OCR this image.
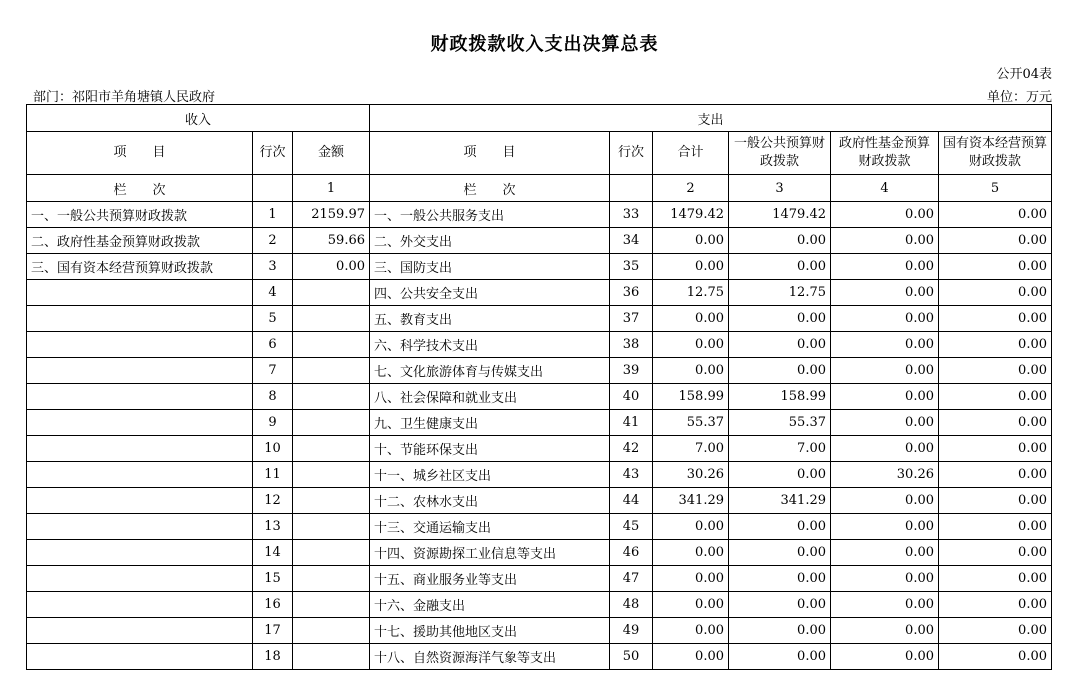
财政拨款收入支出决算总表
公开04表
部门：祁阳市羊角塘镇人民政府	单位：万元
收入			支出					
项　　目	行次	金额	项　　目	行次	合计	一般公共预算财政拨款	政府性基金预算财政拨款	国有资本经营预算财政拨款
栏　　次		1	栏　　次		2	3	4	5
一、一般公共预算财政拨款	1	2159.97	一、一般公共服务支出	33	1479.42	1479.42	0.00	0.00
二、政府性基金预算财政拨款	2	59.66	二、外交支出	34	0.00	0.00	0.00	0.00
三、国有资本经营预算财政拨款	3	0.00	三、国防支出	35	0.00	0.00	0.00	0.00
	4		四、公共安全支出	36	12.75	12.75	0.00	0.00
	5		五、教育支出	37	0.00	0.00	0.00	0.00
	6		六、科学技术支出	38	0.00	0.00	0.00	0.00
	7		七、文化旅游体育与传媒支出	39	0.00	0.00	0.00	0.00
	8		八、社会保障和就业支出	40	158.99	158.99	0.00	0.00
	9		九、卫生健康支出	41	55.37	55.37	0.00	0.00
	10		十、节能环保支出	42	7.00	7.00	0.00	0.00
	11		十一、城乡社区支出	43	30.26	0.00	30.26	0.00
	12		十二、农林水支出	44	341.29	341.29	0.00	0.00
	13		十三、交通运输支出	45	0.00	0.00	0.00	0.00
	14		十四、资源勘探工业信息等支出	46	0.00	0.00	0.00	0.00
	15		十五、商业服务业等支出	47	0.00	0.00	0.00	0.00
	16		十六、金融支出	48	0.00	0.00	0.00	0.00
	17		十七、援助其他地区支出	49	0.00	0.00	0.00	0.00
	18		十八、自然资源海洋气象等支出	50	0.00	0.00	0.00	0.00
